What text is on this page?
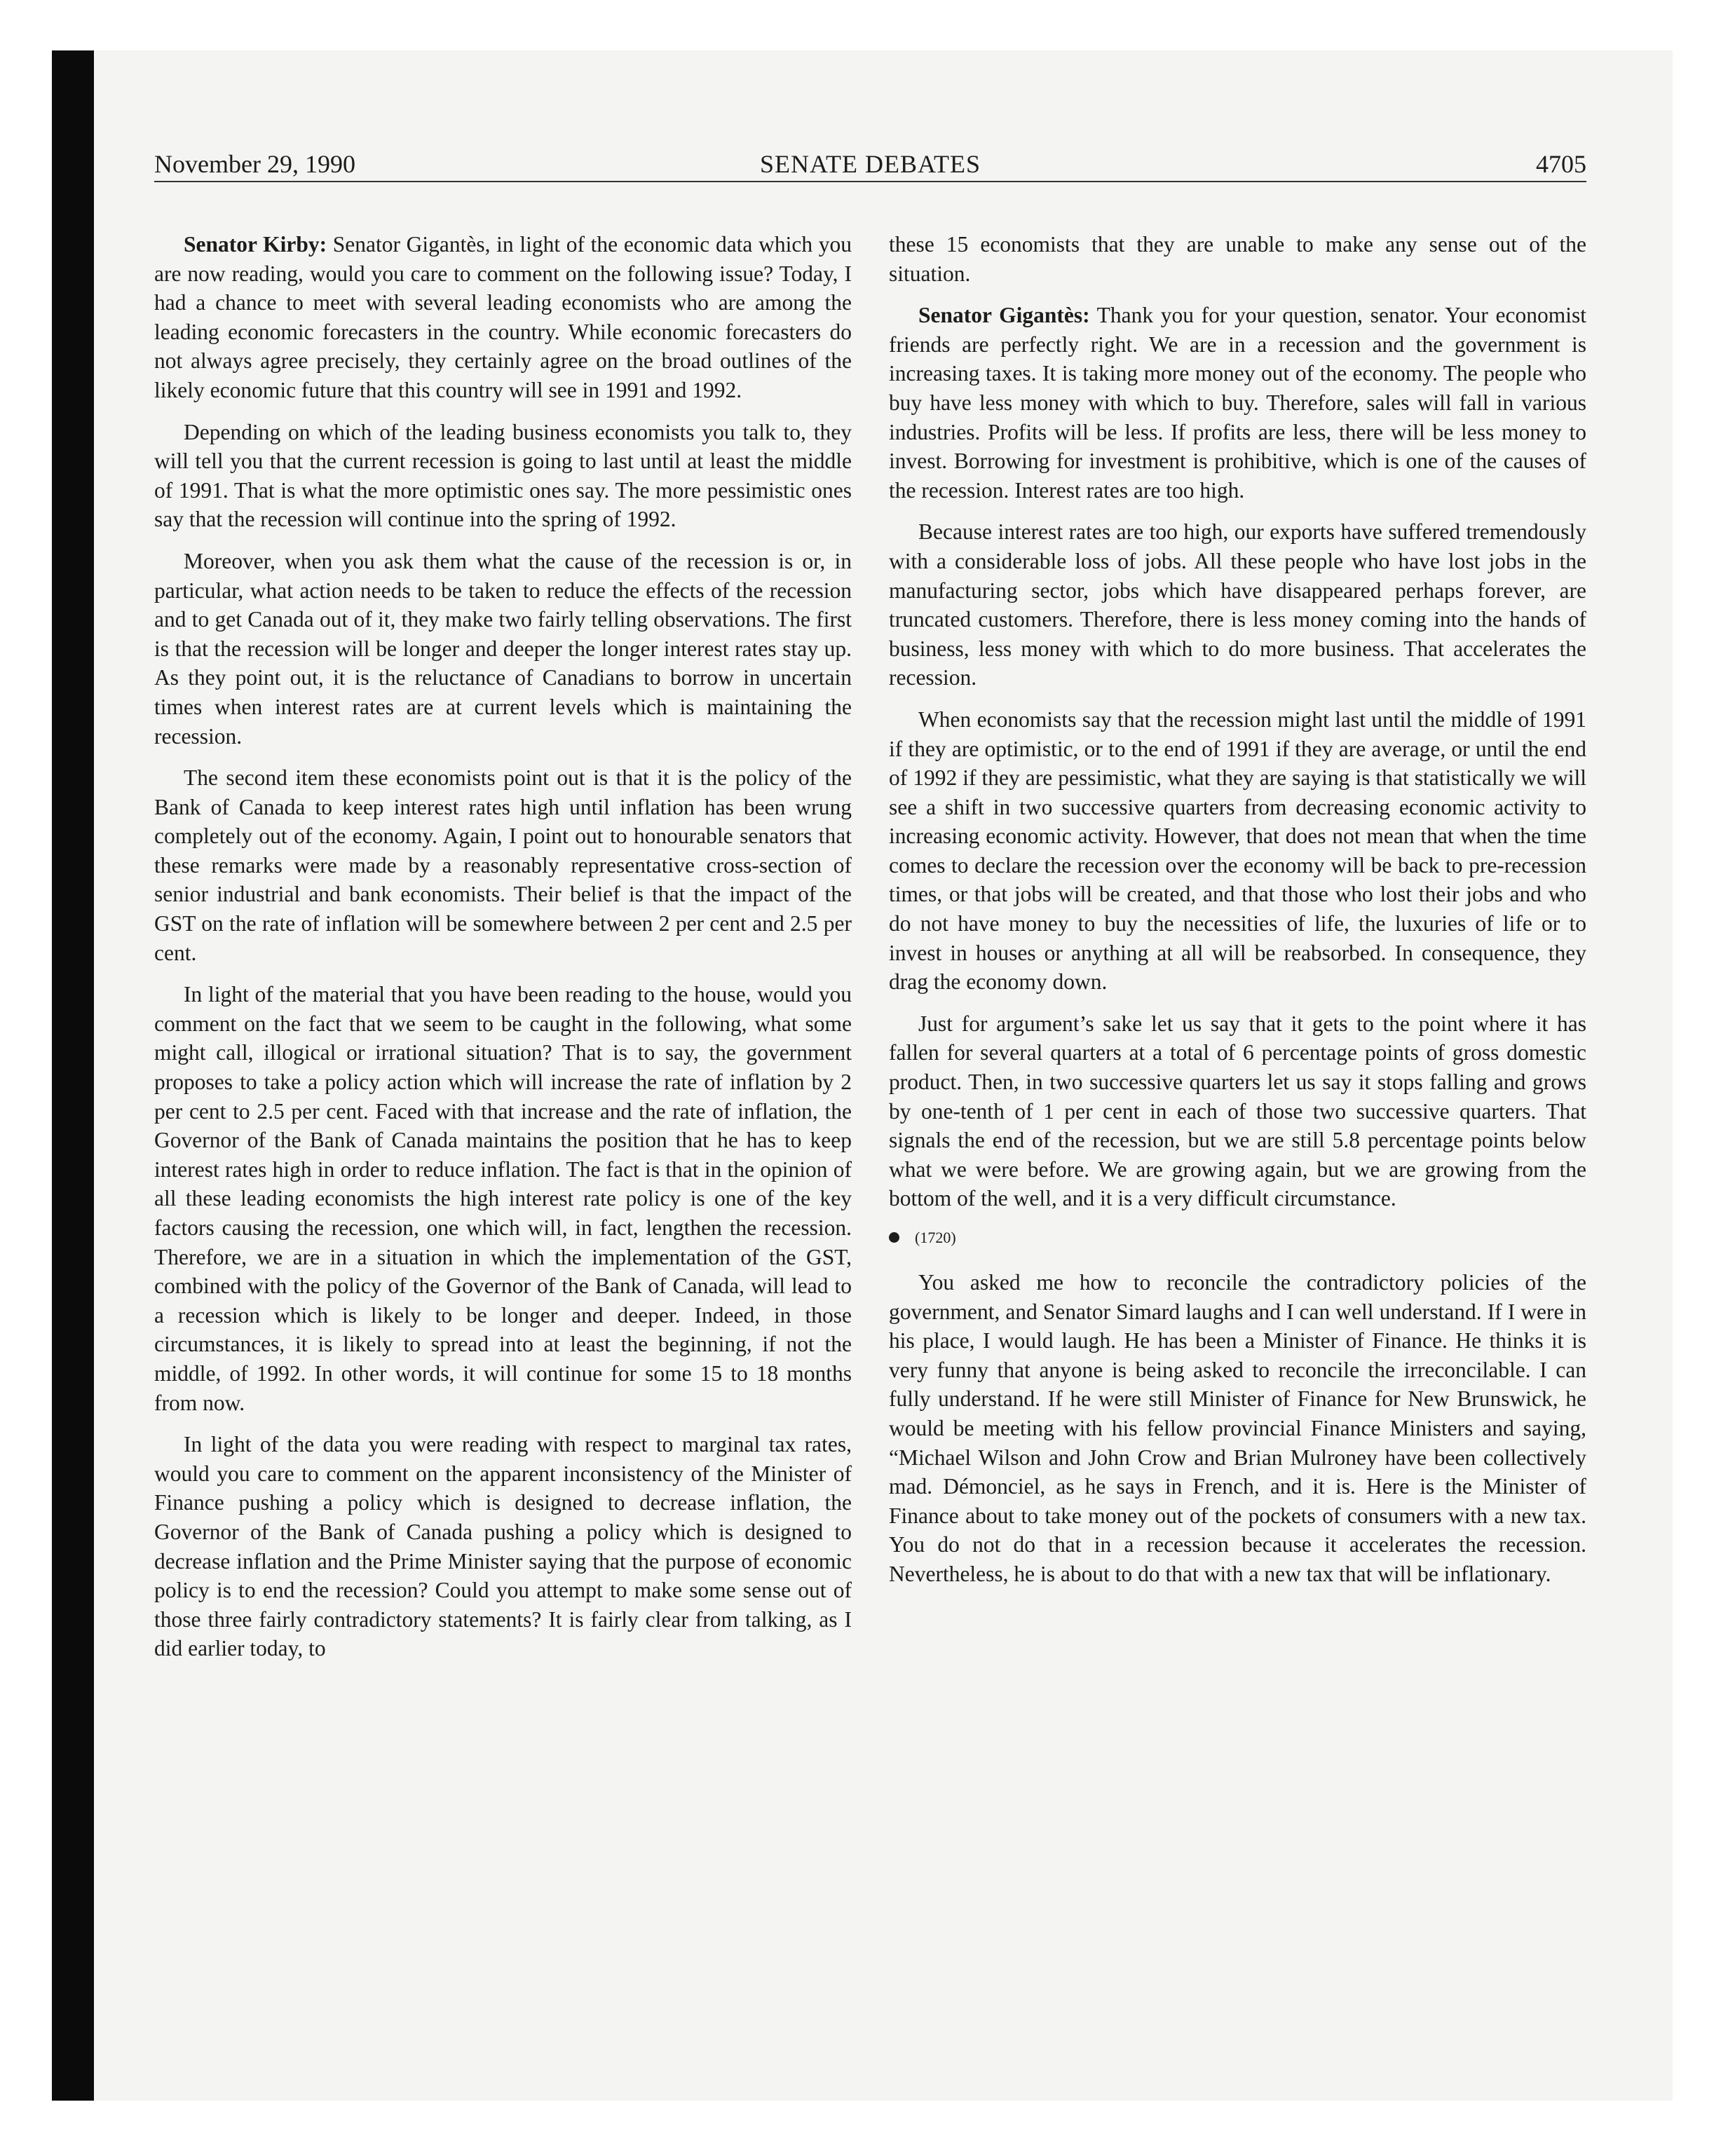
November 29, 1990	SENATE DEBATES	4705

Senator Kirby: Senator Gigantès, in light of the economic data which you are now reading, would you care to comment on the following issue? Today, I had a chance to meet with several leading economists who are among the leading economic forecasters in the country. While economic forecasters do not always agree precisely, they certainly agree on the broad outlines of the likely economic future that this country will see in 1991 and 1992.

Depending on which of the leading business economists you talk to, they will tell you that the current recession is going to last until at least the middle of 1991. That is what the more optimistic ones say. The more pessimistic ones say that the recession will continue into the spring of 1992.

Moreover, when you ask them what the cause of the recession is or, in particular, what action needs to be taken to reduce the effects of the recession and to get Canada out of it, they make two fairly telling observations. The first is that the recession will be longer and deeper the longer interest rates stay up. As they point out, it is the reluctance of Canadians to borrow in uncertain times when interest rates are at current levels which is maintaining the recession.

The second item these economists point out is that it is the policy of the Bank of Canada to keep interest rates high until inflation has been wrung completely out of the economy. Again, I point out to honourable senators that these remarks were made by a reasonably representative cross-section of senior industrial and bank economists. Their belief is that the impact of the GST on the rate of inflation will be somewhere between 2 per cent and 2.5 per cent.

In light of the material that you have been reading to the house, would you comment on the fact that we seem to be caught in the following, what some might call, illogical or irrational situation? That is to say, the government proposes to take a policy action which will increase the rate of inflation by 2 per cent to 2.5 per cent. Faced with that increase and the rate of inflation, the Governor of the Bank of Canada maintains the position that he has to keep interest rates high in order to reduce inflation. The fact is that in the opinion of all these leading economists the high interest rate policy is one of the key factors causing the recession, one which will, in fact, lengthen the recession. Therefore, we are in a situation in which the implementation of the GST, combined with the policy of the Governor of the Bank of Canada, will lead to a recession which is likely to be longer and deeper. Indeed, in those circumstances, it is likely to spread into at least the beginning, if not the middle, of 1992. In other words, it will continue for some 15 to 18 months from now.

In light of the data you were reading with respect to marginal tax rates, would you care to comment on the apparent inconsistency of the Minister of Finance pushing a policy which is designed to decrease inflation, the Governor of the Bank of Canada pushing a policy which is designed to decrease inflation and the Prime Minister saying that the purpose of economic policy is to end the recession? Could you attempt to make some sense out of those three fairly contradictory statements? It is fairly clear from talking, as I did earlier today, to

these 15 economists that they are unable to make any sense out of the situation.

Senator Gigantès: Thank you for your question, senator. Your economist friends are perfectly right. We are in a recession and the government is increasing taxes. It is taking more money out of the economy. The people who buy have less money with which to buy. Therefore, sales will fall in various industries. Profits will be less. If profits are less, there will be less money to invest. Borrowing for investment is prohibitive, which is one of the causes of the recession. Interest rates are too high.

Because interest rates are too high, our exports have suffered tremendously with a considerable loss of jobs. All these people who have lost jobs in the manufacturing sector, jobs which have disappeared perhaps forever, are truncated customers. Therefore, there is less money coming into the hands of business, less money with which to do more business. That accelerates the recession.

When economists say that the recession might last until the middle of 1991 if they are optimistic, or to the end of 1991 if they are average, or until the end of 1992 if they are pessimistic, what they are saying is that statistically we will see a shift in two successive quarters from decreasing economic activity to increasing economic activity. However, that does not mean that when the time comes to declare the recession over the economy will be back to pre-recession times, or that jobs will be created, and that those who lost their jobs and who do not have money to buy the necessities of life, the luxuries of life or to invest in houses or anything at all will be reabsorbed. In consequence, they drag the economy down.

Just for argument’s sake let us say that it gets to the point where it has fallen for several quarters at a total of 6 percentage points of gross domestic product. Then, in two successive quarters let us say it stops falling and grows by one-tenth of 1 per cent in each of those two successive quarters. That signals the end of the recession, but we are still 5.8 percentage points below what we were before. We are growing again, but we are growing from the bottom of the well, and it is a very difficult circumstance.

(1720)

You asked me how to reconcile the contradictory policies of the government, and Senator Simard laughs and I can well understand. If I were in his place, I would laugh. He has been a Minister of Finance. He thinks it is very funny that anyone is being asked to reconcile the irreconcilable. I can fully understand. If he were still Minister of Finance for New Brunswick, he would be meeting with his fellow provincial Finance Ministers and saying, “Michael Wilson and John Crow and Brian Mulroney have been collectively mad. Démonciel, as he says in French, and it is. Here is the Minister of Finance about to take money out of the pockets of consumers with a new tax. You do not do that in a recession because it accelerates the recession. Nevertheless, he is about to do that with a new tax that will be inflationary.
